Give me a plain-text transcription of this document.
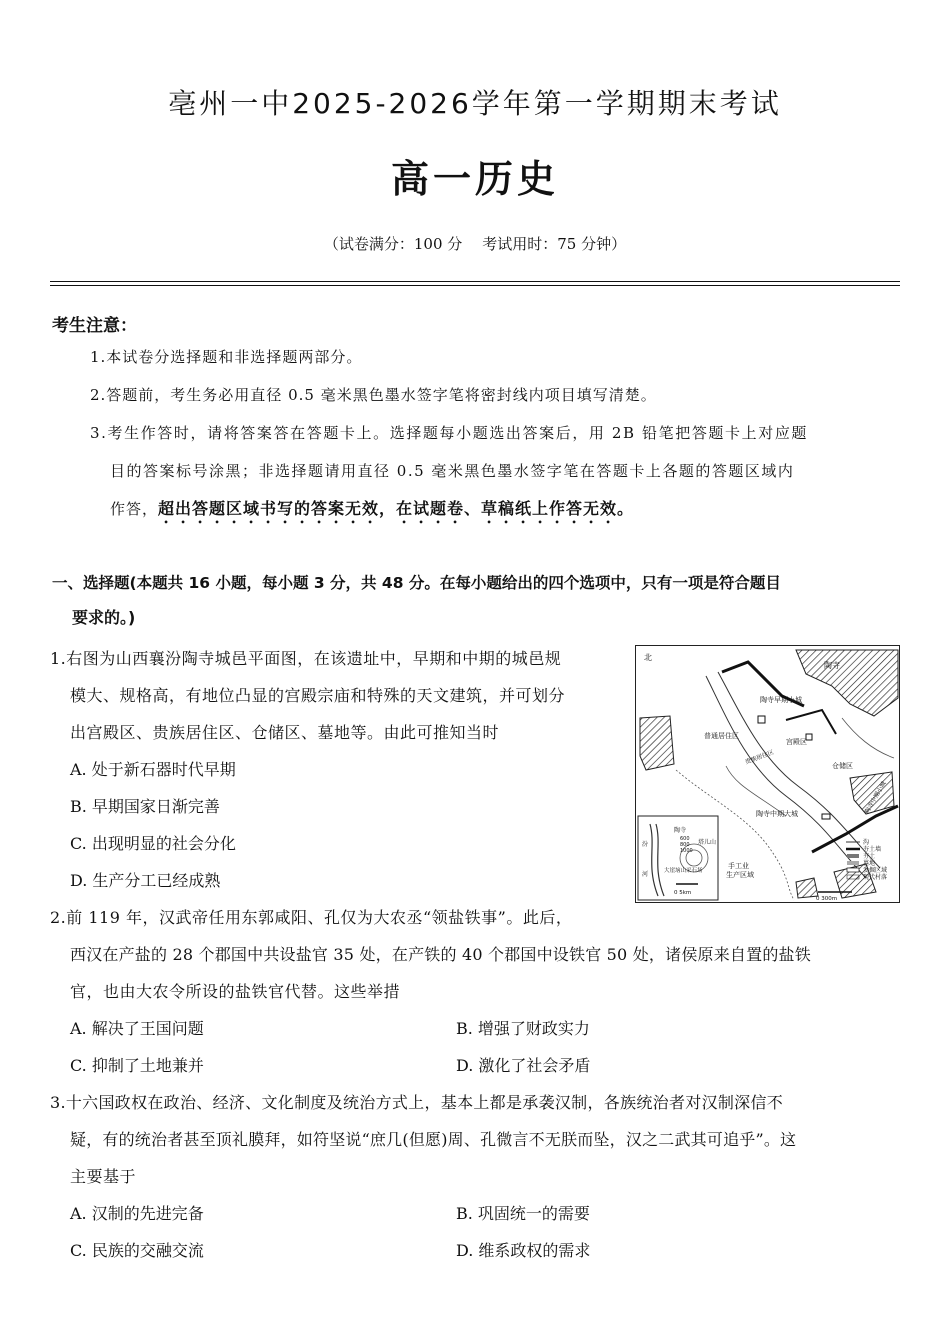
亳州一中2025-2026学年第一学期期末考试
高一历史
（试卷满分：100 分 考试用时：75 分钟）
考生注意：
1.本试卷分选择题和非选择题两部分。
2.答题前，考生务必用直径 0.5 毫米黑色墨水签字笔将密封线内项目填写清楚。
3.考生作答时，请将答案答在答题卡上。选择题每小题选出答案后，用 2B 铅笔把答题卡上对应题
目的答案标号涂黑；非选择题请用直径 0.5 毫米黑色墨水签字笔在答题卡上各题的答题区域内
作答，超出答题区域书写的答案无效，在试题卷、草稿纸上作答无效。
一、选择题(本题共 16 小题，每小题 3 分，共 48 分。在每小题给出的四个选项中，只有一项是符合题目
要求的。)
1.右图为山西襄汾陶寺城邑平面图，在该遗址中，早期和中期的城邑规
模大、规格高，有地位凸显的宫殿宗庙和特殊的天文建筑，并可划分
出宫殿区、贵族居住区、仓储区、墓地等。由此可推知当时
A. 处于新石器时代早期
B. 早期国家日渐完善
C. 出现明显的社会分化
D. 生产分工已经成熟
北
陶寺
陶寺早期小城
普通居住区
宫殿区
仓储区
贵族居住区
陶寺中期大城	陶寺中期小城
手工业
生产区域
陶寺
600
800
1000
塔儿山
大崖垴山采石场
汾
河
0 5km
0 300m
沟
夯土墙
夯土
墓地
发掘区域
现代村落
2.前 119 年，汉武帝任用东郭咸阳、孔仅为大农丞“领盐铁事”。此后，
西汉在产盐的 28 个郡国中共设盐官 35 处，在产铁的 40 个郡国中设铁官 50 处，诸侯原来自置的盐铁
官，也由大农令所设的盐铁官代替。这些举措
A. 解决了王国问题	B. 增强了财政实力
C. 抑制了土地兼并	D. 激化了社会矛盾
3.十六国政权在政治、经济、文化制度及统治方式上，基本上都是承袭汉制，各族统治者对汉制深信不
疑，有的统治者甚至顶礼膜拜，如符坚说“庶几(但愿)周、孔微言不无朕而坠，汉之二武其可追乎”。这
主要基于
A. 汉制的先进完备	B. 巩固统一的需要
C. 民族的交融交流	D. 维系政权的需求
